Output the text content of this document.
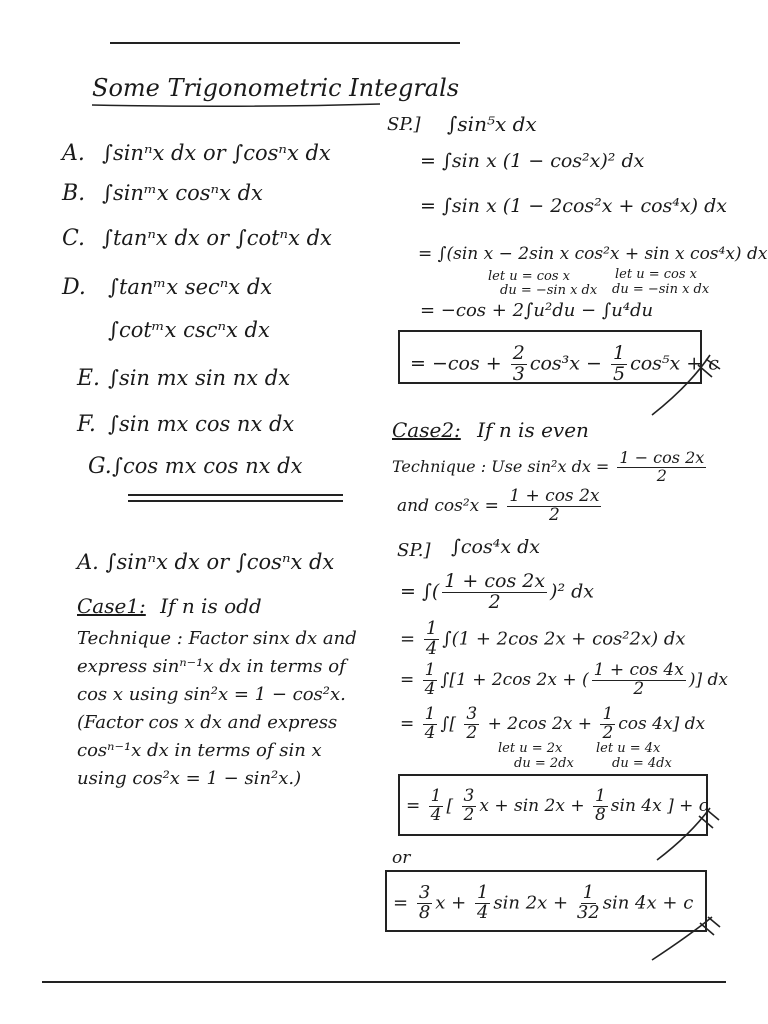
Some Trigonometric Integrals
A. ∫sinⁿx dx or ∫cosⁿx dx
B. ∫sinᵐx cosⁿx dx
C. ∫tanⁿx dx or ∫cotⁿx dx
D. ∫tanᵐx secⁿx dx
∫cotᵐx cscⁿx dx
E. ∫sin mx sin nx dx
F. ∫sin mx cos nx dx
G. ∫cos mx cos nx dx
A. ∫sinⁿx dx or ∫cosⁿx dx
Case1: If n is odd
Technique : Factor sinx dx and
express sinⁿ⁻¹x dx in terms of
cos x using sin²x = 1 − cos²x.
(Factor cos x dx and express
cosⁿ⁻¹x dx in terms of sin x
using cos²x = 1 − sin²x.)
SP.] ∫sin⁵x dx
= ∫sin x (1 − cos²x)² dx
= ∫sin x (1 − 2cos²x + cos⁴x) dx
= ∫(sin x − 2sin x cos²x + sin x cos⁴x) dx
let u = cos x
du = −sin x dx
let u = cos x
du = −sin x dx
= −cos + 2∫u²du − ∫u⁴du
= $-\cos + \frac{2}{3} \cos^3x - \frac{1}{5} \cos^5x + c$
Case2: If n is even
Technique : Use sin²x dx = $\frac{1 - \cos 2x}{2}$
and $\cos^2x = \frac{1 + \cos 2x}{2}$
SP.] ∫cos⁴x dx
= ∫( $\frac{1 + \cos 2x}{2} )^2$ dx
= $\frac{1}{4} \int(1 + 2\cos$ 2x + cos²2x) dx
= $\frac{1}{4} \int[1 + 2\cos$ 2x + ( $\frac{1 + \cos 4x}{2}$ )] dx
= $\frac{1}{4}$ ∫[ $\frac{3}{2} + 2\cos$ $2x + \frac{1}{2}$ cos 4x] dx
let u = 2x
du = 2dx
let u = 4x
du = 4dx
= $\frac{1}{4}$ [ $\frac{3}{2}$ $x + \sin 2x + \frac{1}{8}$ sin 4x ] + c
or
= $\frac{3}{8}$ $x + \frac{1}{4}$ $\sin 2x + \frac{1}{32}$ sin 4x + c
